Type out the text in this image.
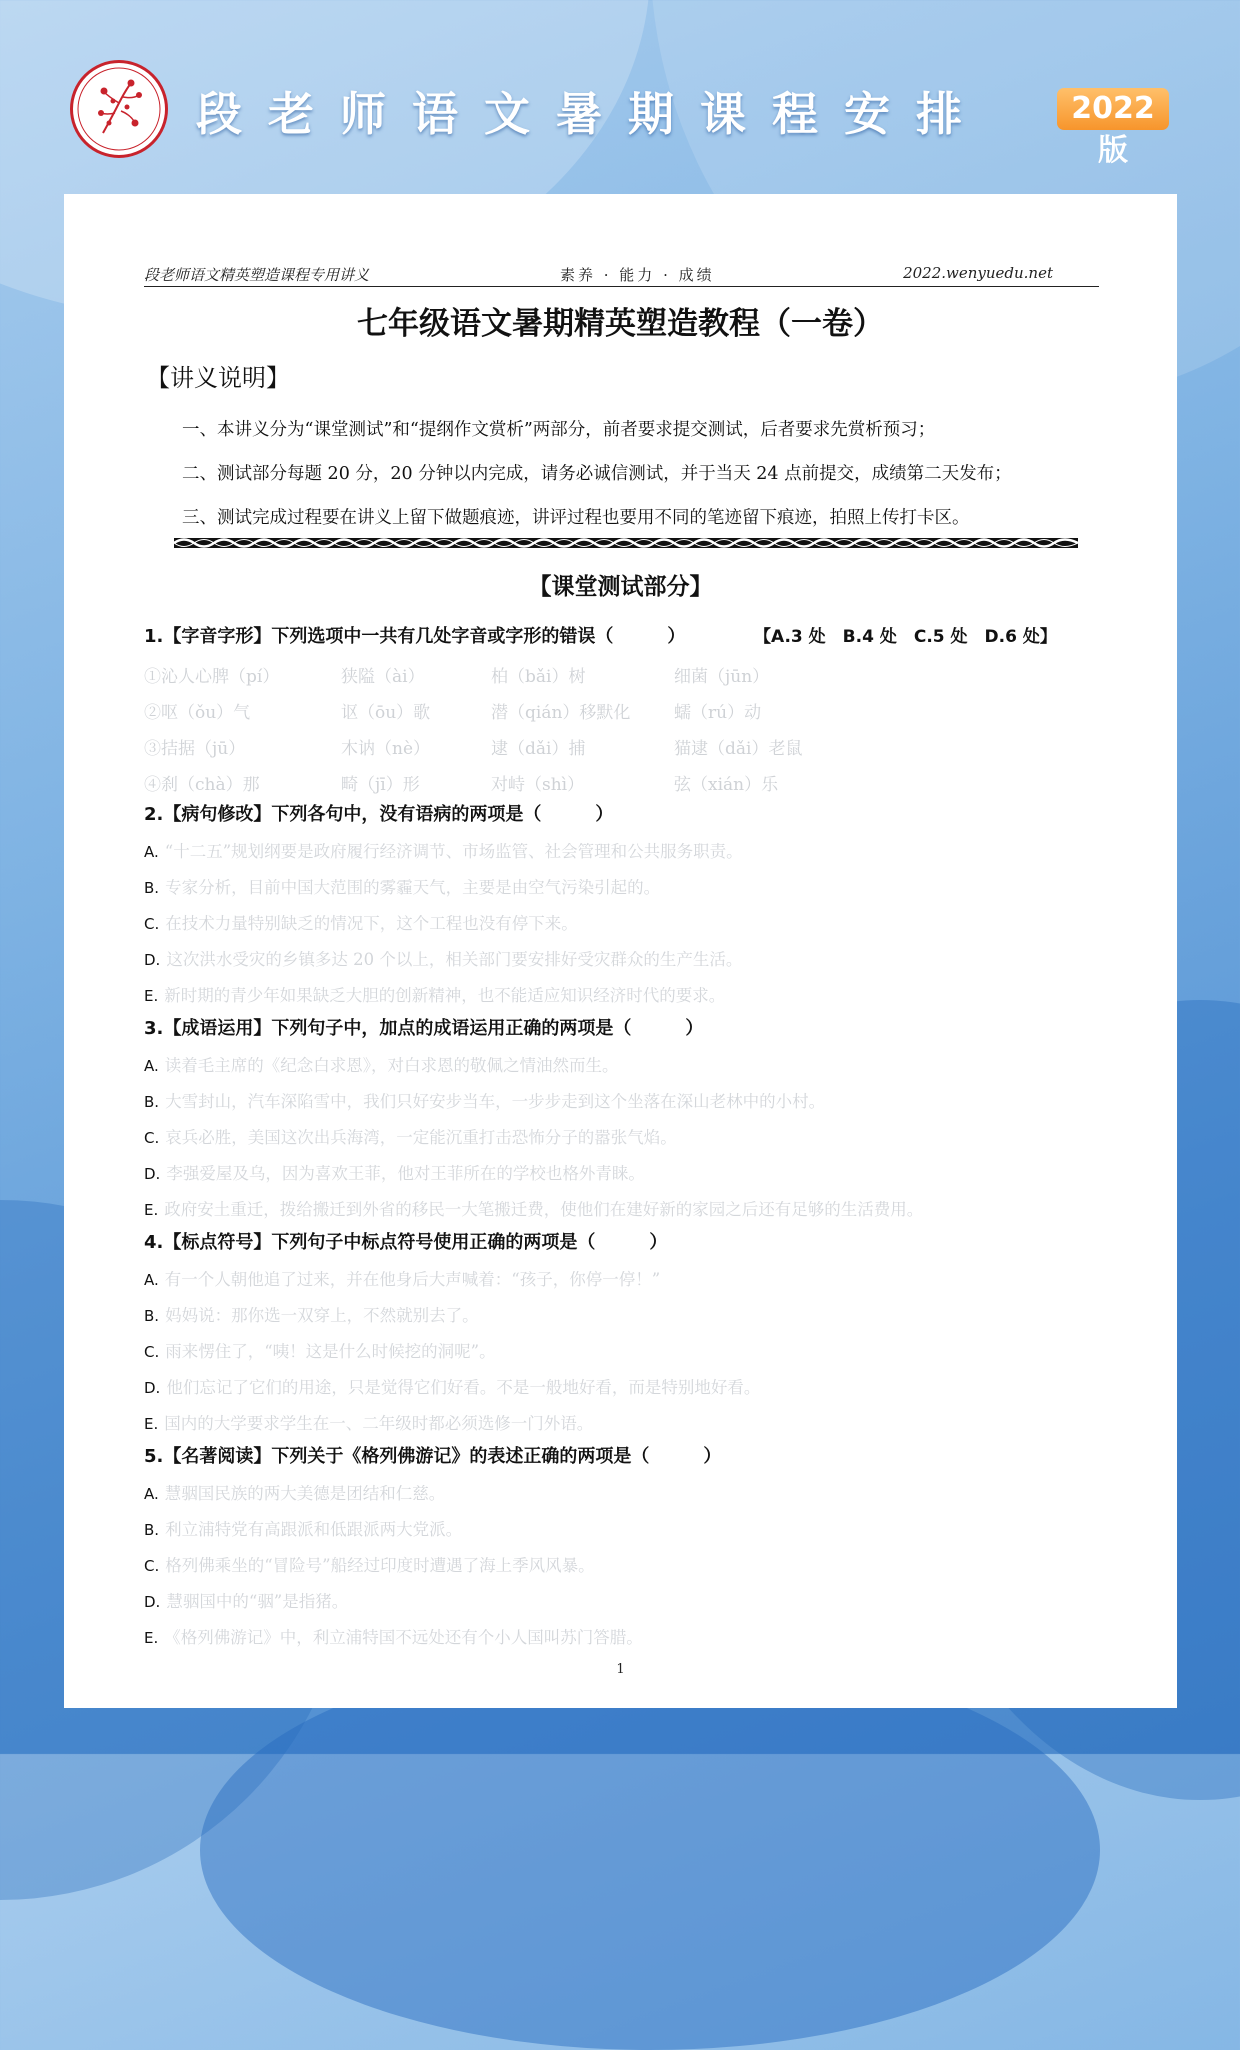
段老师语文暑期课程安排	2022版
段老师语文精英塑造课程专用讲义	素养 · 能力 · 成绩	2022.wenyuedu.net
七年级语文暑期精英塑造教程（一卷）
【讲义说明】
一、本讲义分为“课堂测试”和“提纲作文赏析”两部分，前者要求提交测试，后者要求先赏析预习；
二、测试部分每题 20 分，20 分钟以内完成，请务必诚信测试，并于当天 24 点前提交，成绩第二天发布；
三、测试完成过程要在讲义上留下做题痕迹，讲评过程也要用不同的笔迹留下痕迹，拍照上传打卡区。
【课堂测试部分】
1.【字音字形】下列选项中一共有几处字音或字形的错误（　　　）	【A.3 处　B.4 处　C.5 处　D.6 处】
①沁人心脾（pí）	狭隘（ài）	柏（bǎi）树	细菌（jūn）
②呕（ǒu）气	讴（ōu）歌	潜（qián）移默化	蠕（rú）动
③拮据（jū）	木讷（nè）	逮（dǎi）捕	猫逮（dǎi）老鼠
④刹（chà）那	畸（jī）形	对峙（shì）	弦（xián）乐
2.【病句修改】下列各句中，没有语病的两项是（　　　）
A. “十二五”规划纲要是政府履行经济调节、市场监管、社会管理和公共服务职责。
B. 专家分析，目前中国大范围的雾霾天气，主要是由空气污染引起的。
C. 在技术力量特别缺乏的情况下，这个工程也没有停下来。
D. 这次洪水受灾的乡镇多达 20 个以上，相关部门要安排好受灾群众的生产生活。
E. 新时期的青少年如果缺乏大胆的创新精神，也不能适应知识经济时代的要求。
3.【成语运用】下列句子中，加点的成语运用正确的两项是（　　　）
A. 读着毛主席的《纪念白求恩》，对白求恩的敬佩之情油然而生。
B. 大雪封山，汽车深陷雪中，我们只好安步当车，一步步走到这个坐落在深山老林中的小村。
C. 哀兵必胜，美国这次出兵海湾，一定能沉重打击恐怖分子的嚣张气焰。
D. 李强爱屋及乌，因为喜欢王菲，他对王菲所在的学校也格外青睐。
E. 政府安土重迁，拨给搬迁到外省的移民一大笔搬迁费，使他们在建好新的家园之后还有足够的生活费用。
4.【标点符号】下列句子中标点符号使用正确的两项是（　　　）
A. 有一个人朝他追了过来，并在他身后大声喊着：“孩子，你停一停！”
B. 妈妈说：那你选一双穿上，不然就别去了。
C. 雨来愣住了，“咦！这是什么时候挖的洞呢”。
D. 他们忘记了它们的用途，只是觉得它们好看。不是一般地好看，而是特别地好看。
E. 国内的大学要求学生在一、二年级时都必须选修一门外语。
5.【名著阅读】下列关于《格列佛游记》的表述正确的两项是（　　　）
A. 慧骃国民族的两大美德是团结和仁慈。
B. 利立浦特党有高跟派和低跟派两大党派。
C. 格列佛乘坐的“冒险号”船经过印度时遭遇了海上季风风暴。
D. 慧骃国中的“骃”是指猪。
E. 《格列佛游记》中，利立浦特国不远处还有个小人国叫苏门答腊。
1
